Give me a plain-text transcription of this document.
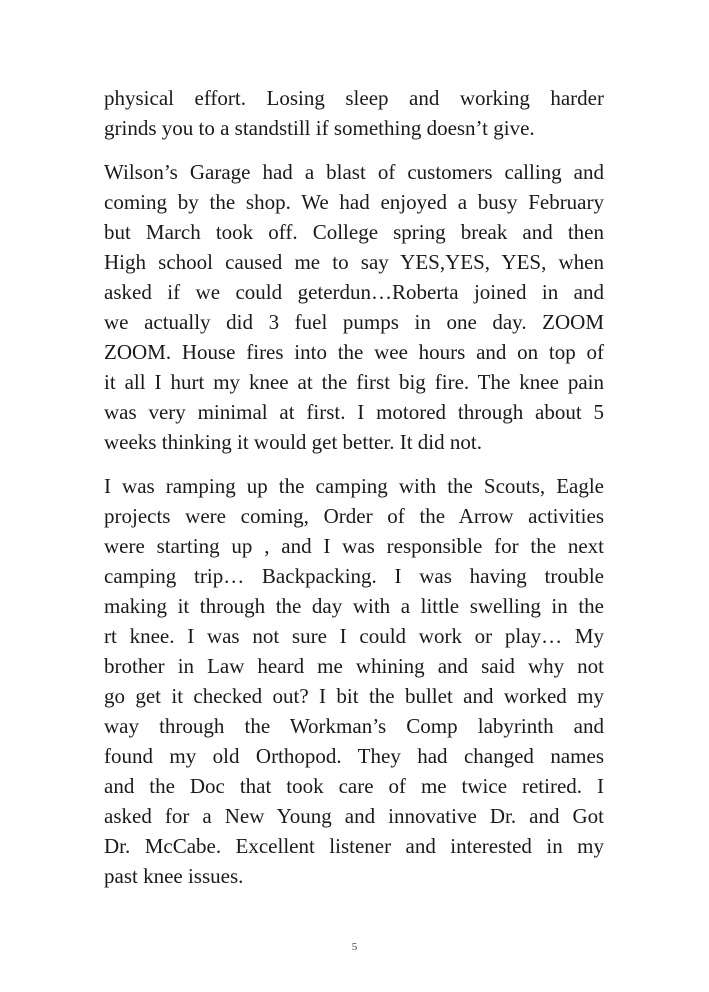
physical effort. Losing sleep and working harder
grinds you to a standstill if something doesn’t give.

Wilson’s Garage had a blast of customers calling and
coming by the shop. We had enjoyed a busy February
but March took off. College spring break and then
High school caused me to say YES,YES, YES, when
asked if we could geterdun…Roberta joined in and
we actually did 3 fuel pumps in one day. ZOOM
ZOOM. House fires into the wee hours and on top of
it all I hurt my knee at the first big fire. The knee pain
was very minimal at first. I motored through about 5
weeks thinking it would get better. It did not.

I was ramping up the camping with the Scouts, Eagle
projects were coming, Order of the Arrow activities
were starting up , and I was responsible for the next
camping trip… Backpacking. I was having trouble
making it through the day with a little swelling in the
rt knee. I was not sure I could work or play… My
brother in Law heard me whining and said why not
go get it checked out? I bit the bullet and worked my
way through the Workman’s Comp labyrinth and
found my old Orthopod. They had changed names
and the Doc that took care of me twice retired. I
asked for a New Young and innovative Dr. and Got
Dr. McCabe. Excellent listener and interested in my
past knee issues.

5
